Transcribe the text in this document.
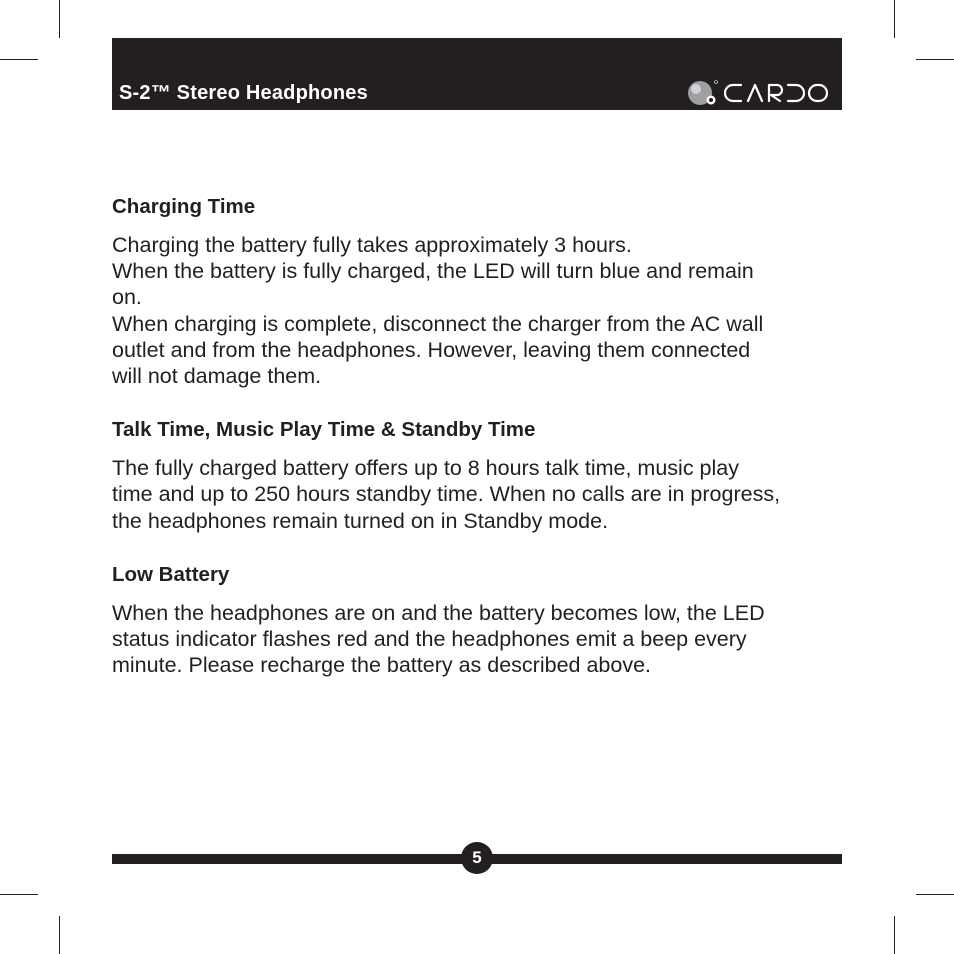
S-2™ Stereo Headphones
Charging Time

Charging the battery fully takes approximately 3 hours.
When the battery is fully charged, the LED will turn blue and remain
on.
When charging is complete, disconnect the charger from the AC wall
outlet and from the headphones. However, leaving them connected
will not damage them.

Talk Time, Music Play Time & Standby Time

The fully charged battery offers up to 8 hours talk time, music play
time and up to 250 hours standby time. When no calls are in progress,
the headphones remain turned on in Standby mode.

Low Battery

When the headphones are on and the battery becomes low, the LED
status indicator flashes red and the headphones emit a beep every
minute. Please recharge the battery as described above.

5
